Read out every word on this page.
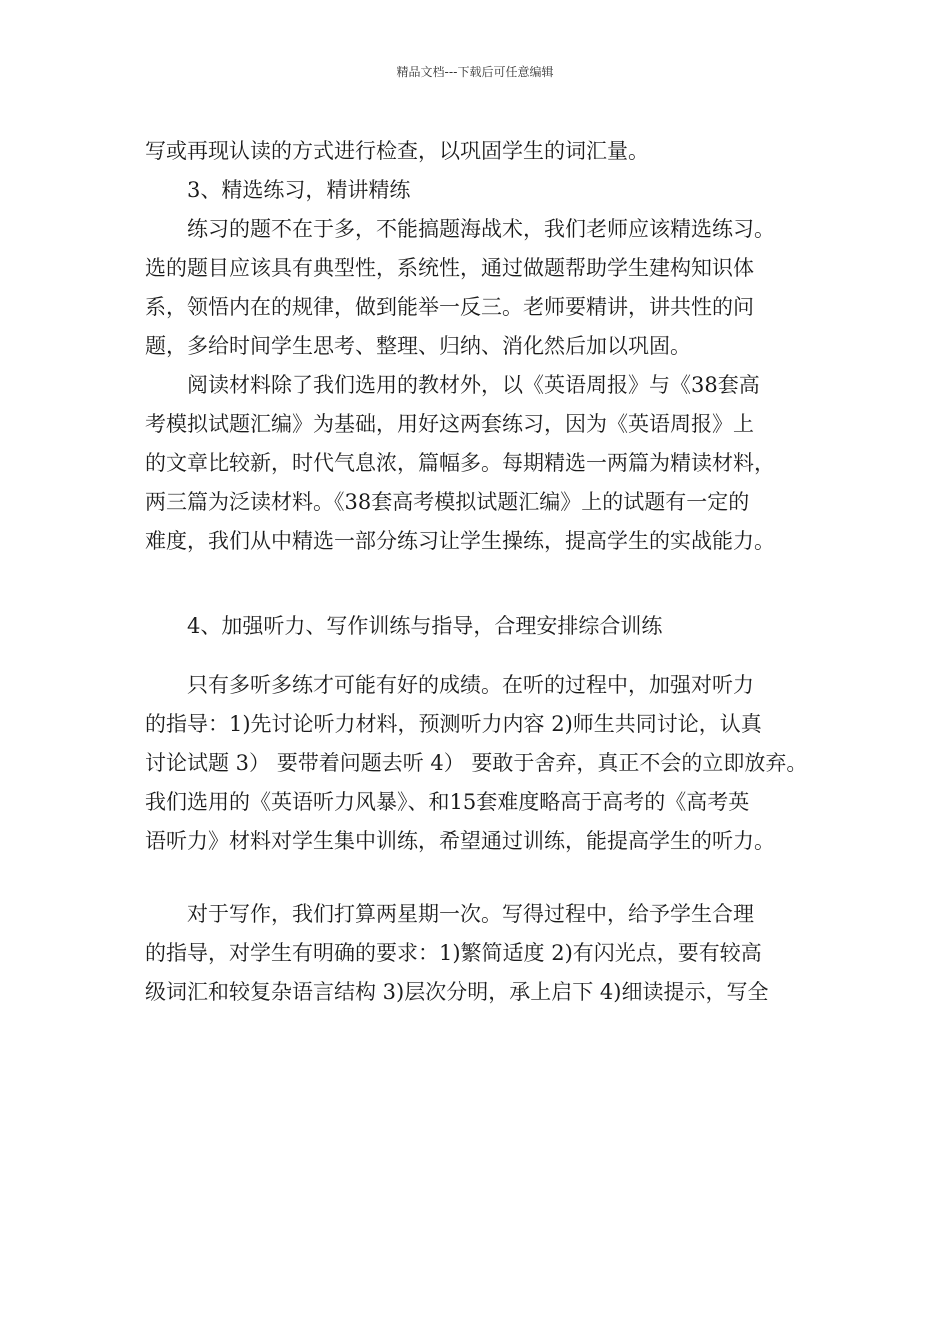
精品文档---下载后可任意编辑
写或再现认读的方式进行检查，以巩固学生的词汇量。
3、精选练习，精讲精练
练习的题不在于多，不能搞题海战术，我们老师应该精选练习。
选的题目应该具有典型性，系统性，通过做题帮助学生建构知识体
系，领悟内在的规律，做到能举一反三。老师要精讲，讲共性的问
题，多给时间学生思考、整理、归纳、消化然后加以巩固。
阅读材料除了我们选用的教材外，以《英语周报》与《38套高
考模拟试题汇编》为基础，用好这两套练习，因为《英语周报》上
的文章比较新，时代气息浓，篇幅多。每期精选一两篇为精读材料，
两三篇为泛读材料。《38套高考模拟试题汇编》上的试题有一定的
难度，我们从中精选一部分练习让学生操练，提高学生的实战能力。
4、加强听力、写作训练与指导，合理安排综合训练
只有多听多练才可能有好的成绩。在听的过程中，加强对听力
的指导：1)先讨论听力材料，预测听力内容 2)师生共同讨论，认真
讨论试题 3） 要带着问题去听 4） 要敢于舍弃，真正不会的立即放弃。
我们选用的《英语听力风暴》、和15套难度略高于高考的《高考英
语听力》材料对学生集中训练，希望通过训练，能提高学生的听力。
对于写作，我们打算两星期一次。写得过程中，给予学生合理
的指导，对学生有明确的要求：1)繁简适度 2)有闪光点，要有较高
级词汇和较复杂语言结构 3)层次分明，承上启下 4)细读提示，写全
